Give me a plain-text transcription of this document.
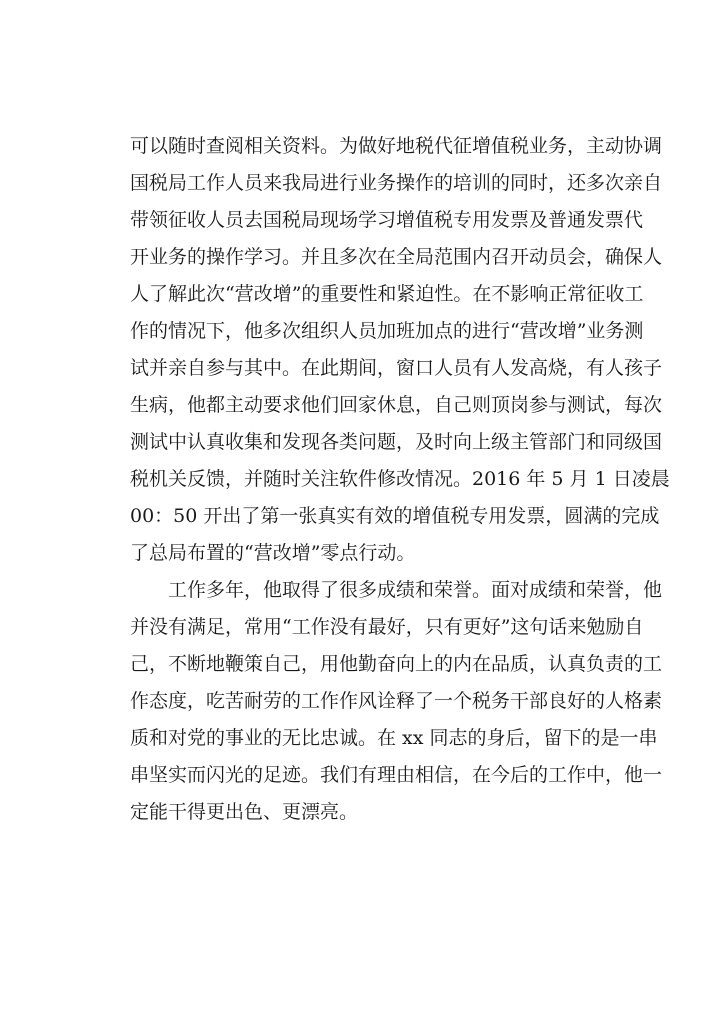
可以随时查阅相关资料。为做好地税代征增值税业务，主动协调
国税局工作人员来我局进行业务操作的培训的同时，还多次亲自
带领征收人员去国税局现场学习增值税专用发票及普通发票代
开业务的操作学习。并且多次在全局范围内召开动员会，确保人
人了解此次“营改增”的重要性和紧迫性。在不影响正常征收工
作的情况下，他多次组织人员加班加点的进行“营改增”业务测
试并亲自参与其中。在此期间，窗口人员有人发高烧，有人孩子
生病，他都主动要求他们回家休息，自己则顶岗参与测试，每次
测试中认真收集和发现各类问题，及时向上级主管部门和同级国
税机关反馈，并随时关注软件修改情况。2016 年 5 月 1 日凌晨
00：50 开出了第一张真实有效的增值税专用发票，圆满的完成
了总局布置的“营改增”零点行动。
工作多年，他取得了很多成绩和荣誉。面对成绩和荣誉，他
并没有满足，常用“工作没有最好，只有更好”这句话来勉励自
己，不断地鞭策自己，用他勤奋向上的内在品质，认真负责的工
作态度，吃苦耐劳的工作作风诠释了一个税务干部良好的人格素
质和对党的事业的无比忠诚。在 xx 同志的身后，留下的是一串
串坚实而闪光的足迹。我们有理由相信，在今后的工作中，他一
定能干得更出色、更漂亮。
